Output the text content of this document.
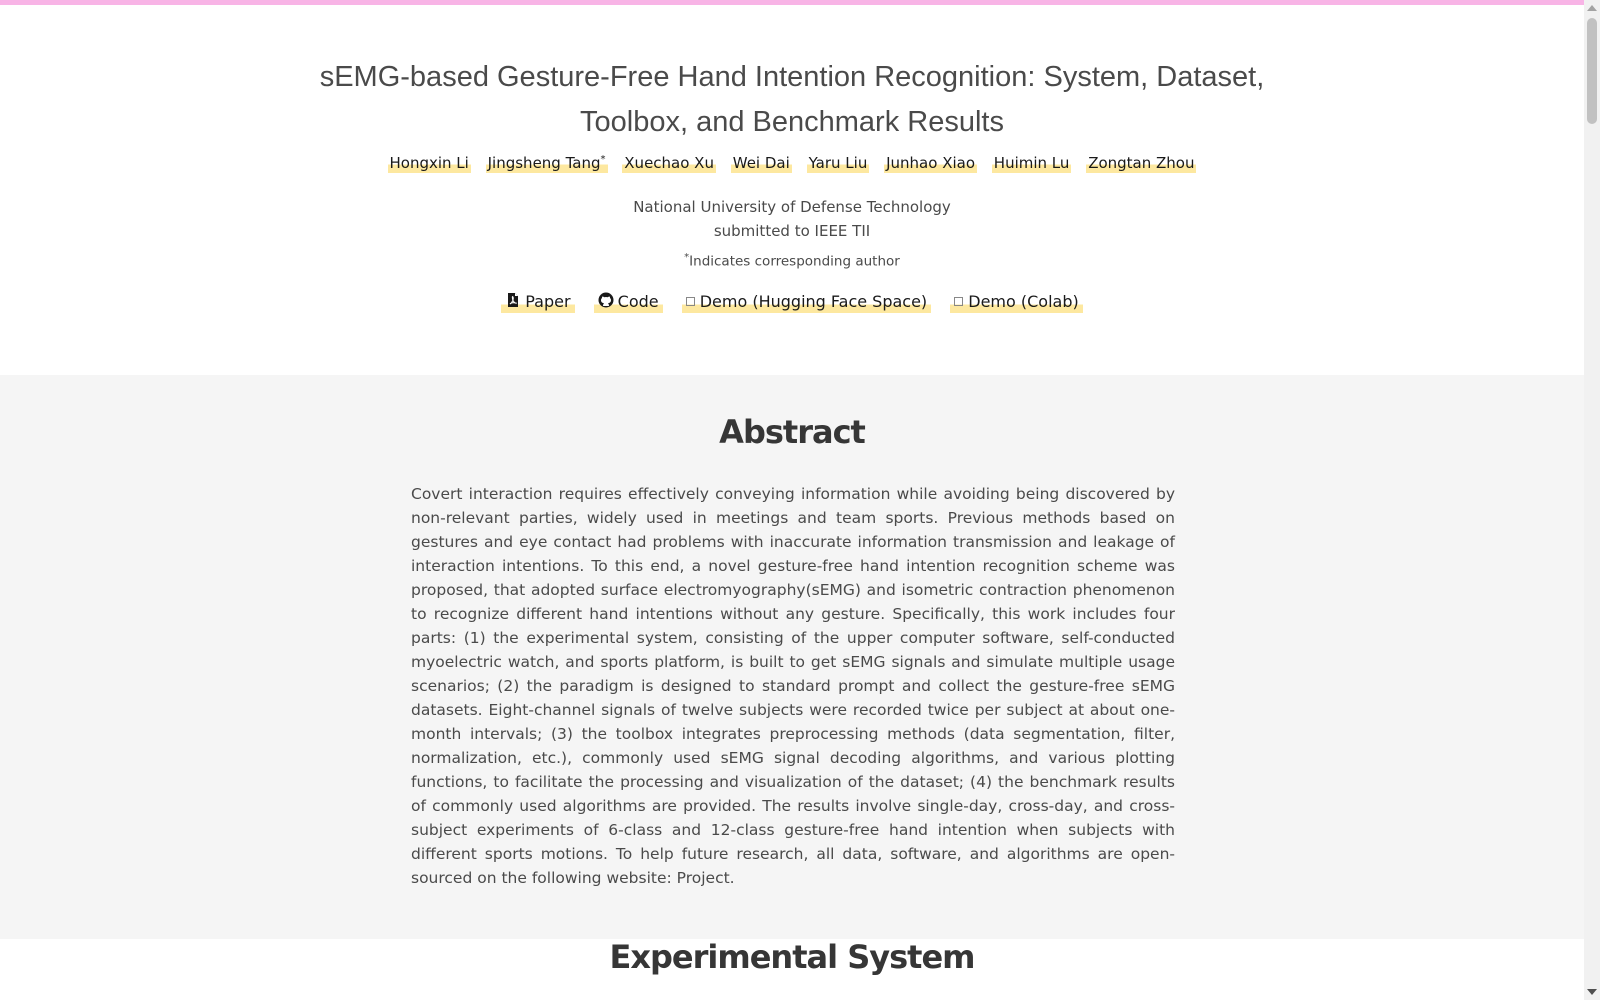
sEMG-based Gesture-Free Hand Intention Recognition: System, Dataset, Toolbox, and Benchmark Results
Hongxin Li Jingsheng Tang* Xuechao Xu Wei Dai Yaru Liu Junhao Xiao Huimin Lu Zongtan Zhou
National University of Defense Technology
submitted to IEEE TII
*Indicates corresponding author
Paper	Code	Demo (Hugging Face Space)	Demo (Colab)
Abstract

Covert interaction requires effectively conveying information while avoiding being discovered by non-relevant parties, widely used in meetings and team sports. Previous methods based on gestures and eye contact had problems with inaccurate information transmission and leakage of interaction intentions. To this end, a novel gesture-free hand intention recognition scheme was proposed, that adopted surface electromyography(sEMG) and isometric contraction phenomenon to recognize different hand intentions without any gesture. Specifically, this work includes four parts: (1) the experimental system, consisting of the upper computer software, self-conducted myoelectric watch, and sports platform, is built to get sEMG signals and simulate multiple usage scenarios; (2) the paradigm is designed to standard prompt and collect the gesture-free sEMG datasets. Eight-channel signals of twelve subjects were recorded twice per subject at about one-month intervals; (3) the toolbox integrates preprocessing methods (data segmentation, filter, normalization, etc.), commonly used sEMG signal decoding algorithms, and various plotting functions, to facilitate the processing and visualization of the dataset; (4) the benchmark results of commonly used algorithms are provided. The results involve single-day, cross-day, and cross-subject experiments of 6-class and 12-class gesture-free hand intention when subjects with different sports motions. To help future research, all data, software, and algorithms are open-sourced on the following website: Project.

Experimental System
